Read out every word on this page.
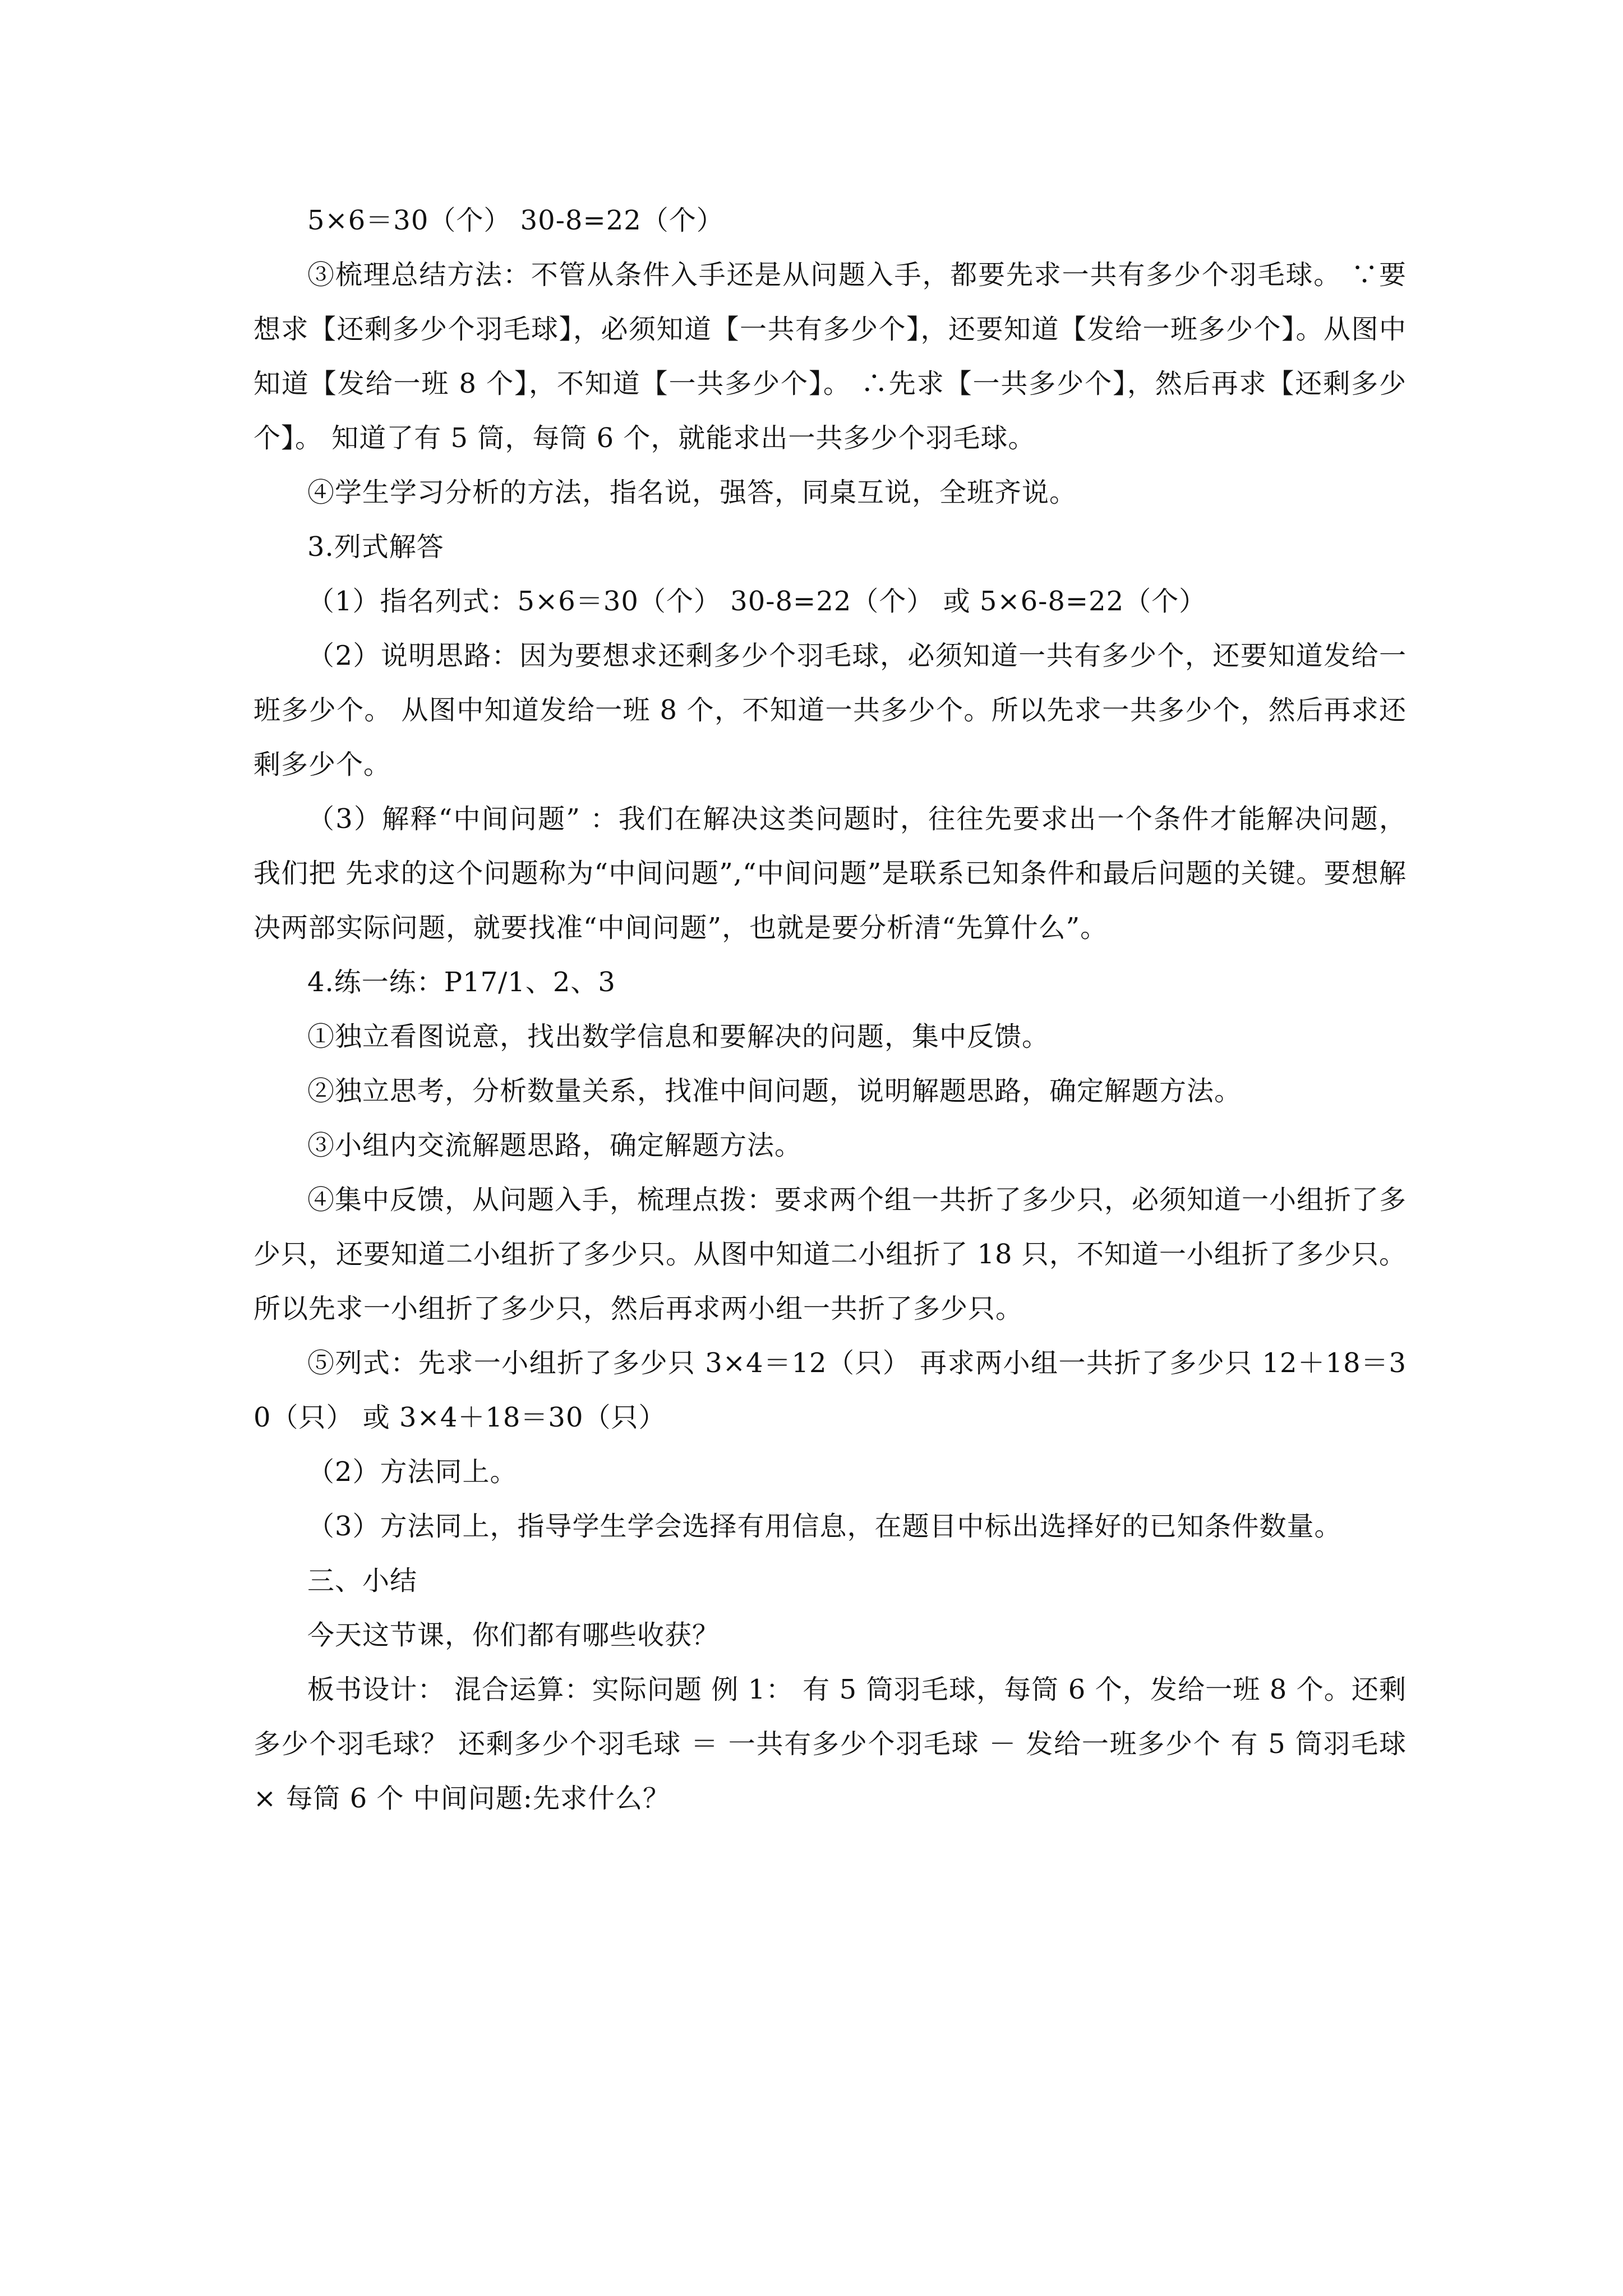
5×6＝30（个） 30-8=22（个）

③梳理总结方法：不管从条件入手还是从问题入手，都要先求一共有多少个羽毛球。 ∵要想求【还剩多少个羽毛球】，必须知道【一共有多少个】，还要知道【发给一班多少个】。从图中知道【发给一班 8 个】，不知道【一共多少个】。 ∴先求【一共多少个】，然后再求【还剩多少个】。 知道了有 5 筒，每筒 6 个，就能求出一共多少个羽毛球。

④学生学习分析的方法，指名说，强答，同桌互说，全班齐说。

3.列式解答

（1）指名列式：5×6＝30（个） 30-8=22（个） 或 5×6-8=22（个）

（2）说明思路：因为要想求还剩多少个羽毛球，必须知道一共有多少个，还要知道发给一班多少个。 从图中知道发给一班 8 个，不知道一共多少个。所以先求一共多少个，然后再求还剩多少个。

（3）解释“中间问题” ：我们在解决这类问题时，往往先要求出一个条件才能解决问题，我们把 先求的这个问题称为“中间问题”,“中间问题”是联系已知条件和最后问题的关键。要想解决两部实际问题，就要找准“中间问题”，也就是要分析清“先算什么”。

4.练一练：P17/1、2、3

①独立看图说意，找出数学信息和要解决的问题，集中反馈。

②独立思考，分析数量关系，找准中间问题，说明解题思路，确定解题方法。

③小组内交流解题思路，确定解题方法。

④集中反馈，从问题入手，梳理点拨：要求两个组一共折了多少只，必须知道一小组折了多少只，还要知道二小组折了多少只。从图中知道二小组折了 18 只，不知道一小组折了多少只。所以先求一小组折了多少只，然后再求两小组一共折了多少只。

⑤列式：先求一小组折了多少只 3×4＝12（只） 再求两小组一共折了多少只 12＋18＝30（只） 或 3×4＋18＝30（只）

（2）方法同上。

（3）方法同上，指导学生学会选择有用信息，在题目中标出选择好的已知条件数量。

三、小结

今天这节课，你们都有哪些收获？

板书设计： 混合运算：实际问题 例 1： 有 5 筒羽毛球，每筒 6 个，发给一班 8 个。还剩多少个羽毛球？ 还剩多少个羽毛球 ＝ 一共有多少个羽毛球 － 发给一班多少个 有 5 筒羽毛球 × 每筒 6 个 中间问题:先求什么？
